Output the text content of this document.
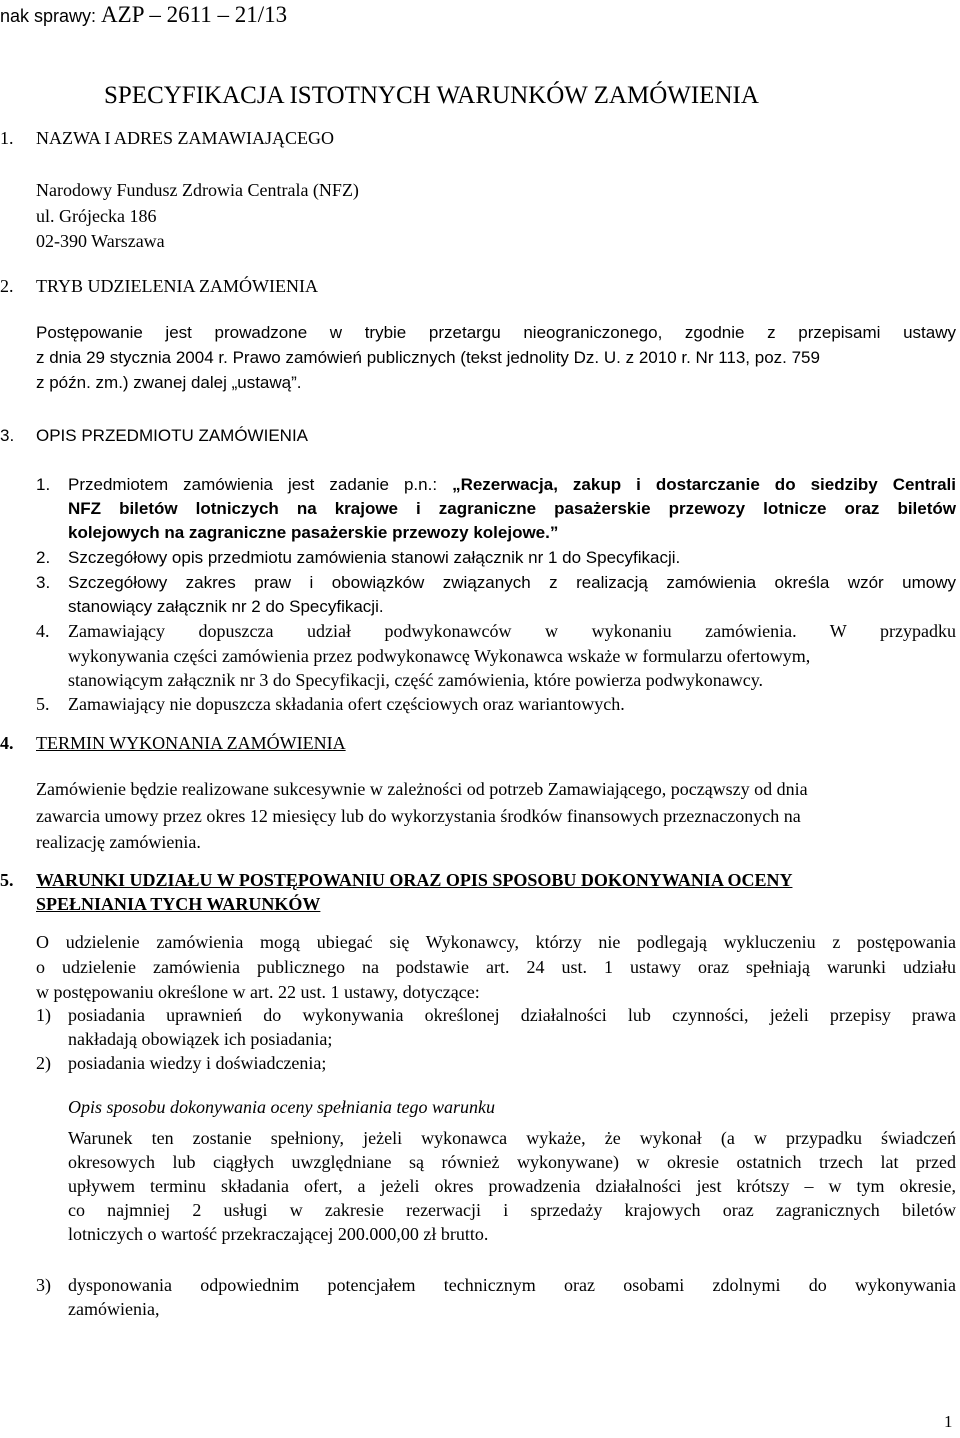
nak sprawy: AZP – 2611 – 21/13
SPECYFIKACJA ISTOTNYCH WARUNKÓW ZAMÓWIENIA
1. NAZWA I ADRES ZAMAWIAJĄCEGO
Narodowy Fundusz Zdrowia Centrala (NFZ)
ul. Grójecka 186
02-390 Warszawa
2. TRYB UDZIELENIA ZAMÓWIENIA
Postępowanie jest prowadzone w trybie przetargu nieograniczonego, zgodnie z przepisami ustawy
z dnia 29 stycznia 2004 r. Prawo zamówień publicznych (tekst jednolity Dz. U. z 2010 r. Nr 113, poz. 759
z późn. zm.) zwanej dalej „ustawą”.
3. OPIS PRZEDMIOTU ZAMÓWIENIA
1. Przedmiotem zamówienia jest zadanie p.n.: „Rezerwacja, zakup i dostarczanie do siedziby Centrali
NFZ biletów lotniczych na krajowe i zagraniczne pasażerskie przewozy lotnicze oraz biletów
kolejowych na zagraniczne pasażerskie przewozy kolejowe.”
2. Szczegółowy opis przedmiotu zamówienia stanowi załącznik nr 1 do Specyfikacji.
3. Szczegółowy zakres praw i obowiązków związanych z realizacją zamówienia określa wzór umowy
stanowiący załącznik nr 2 do Specyfikacji.
4. Zamawiający dopuszcza udział podwykonawców w wykonaniu zamówienia. W przypadku
wykonywania części zamówienia przez podwykonawcę Wykonawca wskaże w formularzu ofertowym,
stanowiącym załącznik nr 3 do Specyfikacji, część zamówienia, które powierza podwykonawcy.
5. Zamawiający nie dopuszcza składania ofert częściowych oraz wariantowych.
4. TERMIN WYKONANIA ZAMÓWIENIA
Zamówienie będzie realizowane sukcesywnie w zależności od potrzeb Zamawiającego, począwszy od dnia
zawarcia umowy przez okres 12 miesięcy lub do wykorzystania środków finansowych przeznaczonych na
realizację zamówienia.
5. WARUNKI UDZIAŁU W POSTĘPOWANIU ORAZ OPIS SPOSOBU DOKONYWANIA OCENY
SPEŁNIANIA TYCH WARUNKÓW
O udzielenie zamówienia mogą ubiegać się Wykonawcy, którzy nie podlegają wykluczeniu z postępowania
o udzielenie zamówienia publicznego na podstawie art. 24 ust. 1 ustawy oraz spełniają warunki udziału
w postępowaniu określone w art. 22 ust. 1 ustawy, dotyczące:
1) posiadania uprawnień do wykonywania określonej działalności lub czynności, jeżeli przepisy prawa
nakładają obowiązek ich posiadania;
2) posiadania wiedzy i doświadczenia;
Opis sposobu dokonywania oceny spełniania tego warunku
Warunek ten zostanie spełniony, jeżeli wykonawca wykaże, że wykonał (a w przypadku świadczeń
okresowych lub ciągłych uwzględniane są również wykonywane) w okresie ostatnich trzech lat przed
upływem terminu składania ofert, a jeżeli okres prowadzenia działalności jest krótszy – w tym okresie,
co najmniej 2 usługi w zakresie rezerwacji i sprzedaży krajowych oraz zagranicznych biletów
lotniczych o wartość przekraczającej 200.000,00 zł brutto.
3) dysponowania odpowiednim potencjałem technicznym oraz osobami zdolnymi do wykonywania
zamówienia,
1
